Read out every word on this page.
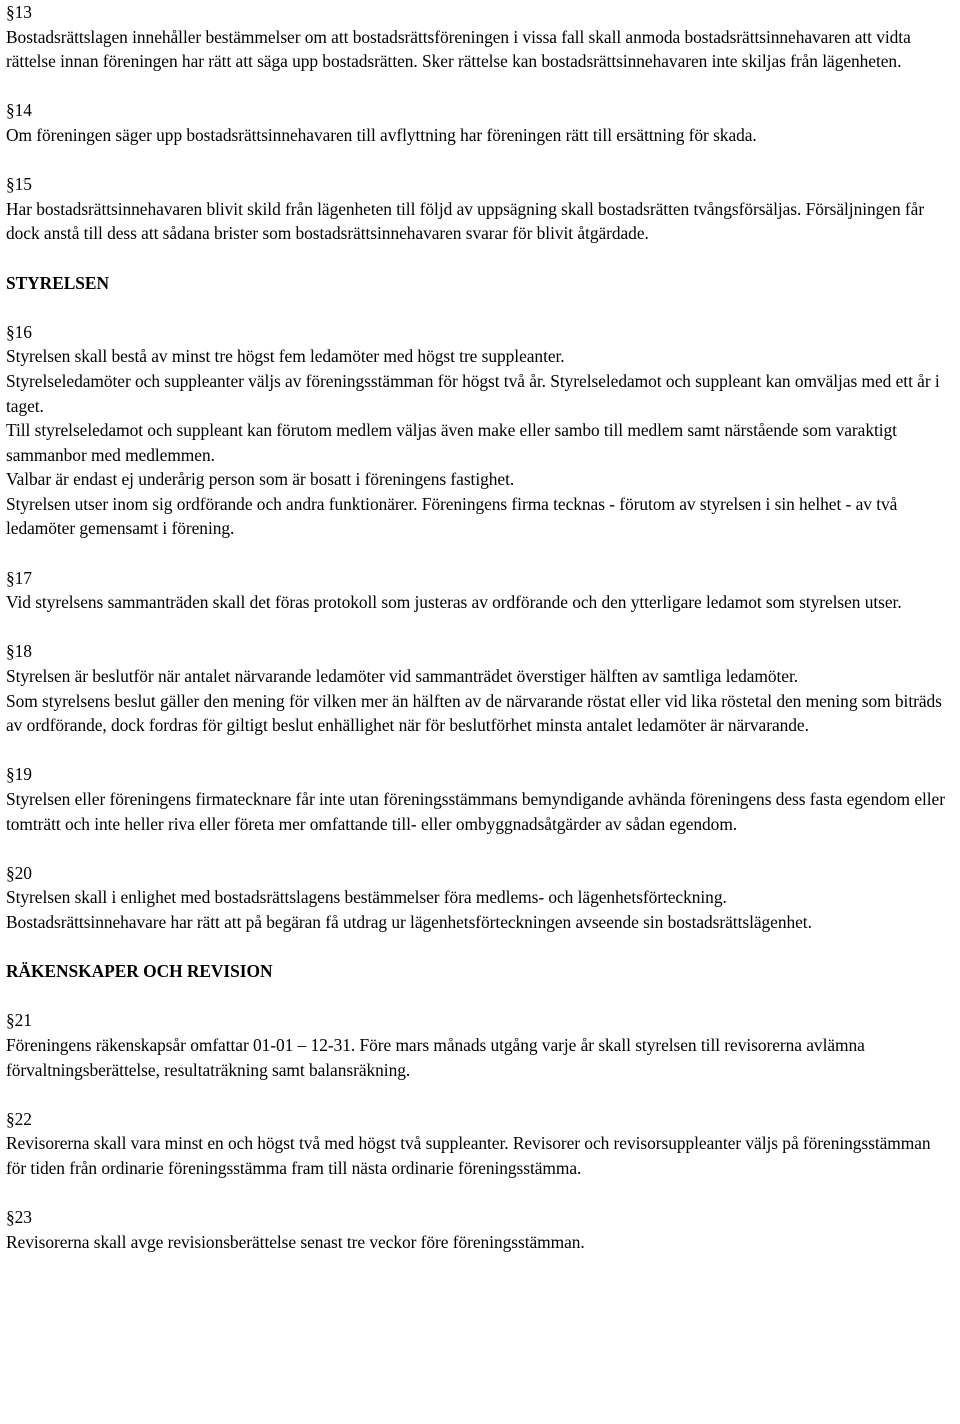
§13
Bostadsrättslagen innehåller bestämmelser om att bostadsrättsföreningen i vissa fall skall anmoda bostadsrättsinnehavaren att vidta rättelse innan föreningen har rätt att säga upp bostadsrätten. Sker rättelse kan bostadsrättsinnehavaren inte skiljas från lägenheten.
§14
Om föreningen säger upp bostadsrättsinnehavaren till avflyttning har föreningen rätt till ersättning för skada.
§15
Har bostadsrättsinnehavaren blivit skild från lägenheten till följd av uppsägning skall bostadsrätten tvångsförsäljas. Försäljningen får dock anstå till dess att sådana brister som bostadsrättsinnehavaren svarar för blivit åtgärdade.
STYRELSEN
§16
Styrelsen skall bestå av minst tre högst fem ledamöter med högst tre suppleanter.
Styrelseledamöter och suppleanter väljs av föreningsstämman för högst två år. Styrelseledamot och suppleant kan omväljas med ett år i taget.
Till styrelseledamot och suppleant kan förutom medlem väljas även make eller sambo till medlem samt närstående som varaktigt sammanbor med medlemmen.
Valbar är endast ej underårig person som är bosatt i föreningens fastighet.
Styrelsen utser inom sig ordförande och andra funktionärer. Föreningens firma tecknas - förutom av styrelsen i sin helhet - av två ledamöter gemensamt i förening.
§17
Vid styrelsens sammanträden skall det föras protokoll som justeras av ordförande och den ytterligare ledamot som styrelsen utser.
§18
Styrelsen är beslutför när antalet närvarande ledamöter vid sammanträdet överstiger hälften av samtliga ledamöter.
Som styrelsens beslut gäller den mening för vilken mer än hälften av de närvarande röstat eller vid lika röstetal den mening som biträds av ordförande, dock fordras för giltigt beslut enhällighet när för beslutförhet minsta antalet ledamöter är närvarande.
§19
Styrelsen eller föreningens firmatecknare får inte utan föreningsstämmans bemyndigande avhända föreningens dess fasta egendom eller tomträtt och inte heller riva eller företa mer omfattande till- eller ombyggnadsåtgärder av sådan egendom.
§20
Styrelsen skall i enlighet med bostadsrättslagens bestämmelser föra medlems- och lägenhetsförteckning.
Bostadsrättsinnehavare har rätt att på begäran få utdrag ur lägenhetsförteckningen avseende sin bostadsrättslägenhet.
RÄKENSKAPER OCH REVISION
§21
Föreningens räkenskapsår omfattar 01-01 – 12-31. Före mars månads utgång varje år skall styrelsen till revisorerna avlämna förvaltningsberättelse, resultaträkning samt balansräkning.
§22
Revisorerna skall vara minst en och högst två med högst två suppleanter. Revisorer och revisorsuppleanter väljs på föreningsstämman för tiden från ordinarie föreningsstämma fram till nästa ordinarie föreningsstämma.
§23
Revisorerna skall avge revisionsberättelse senast tre veckor före föreningsstämman.
